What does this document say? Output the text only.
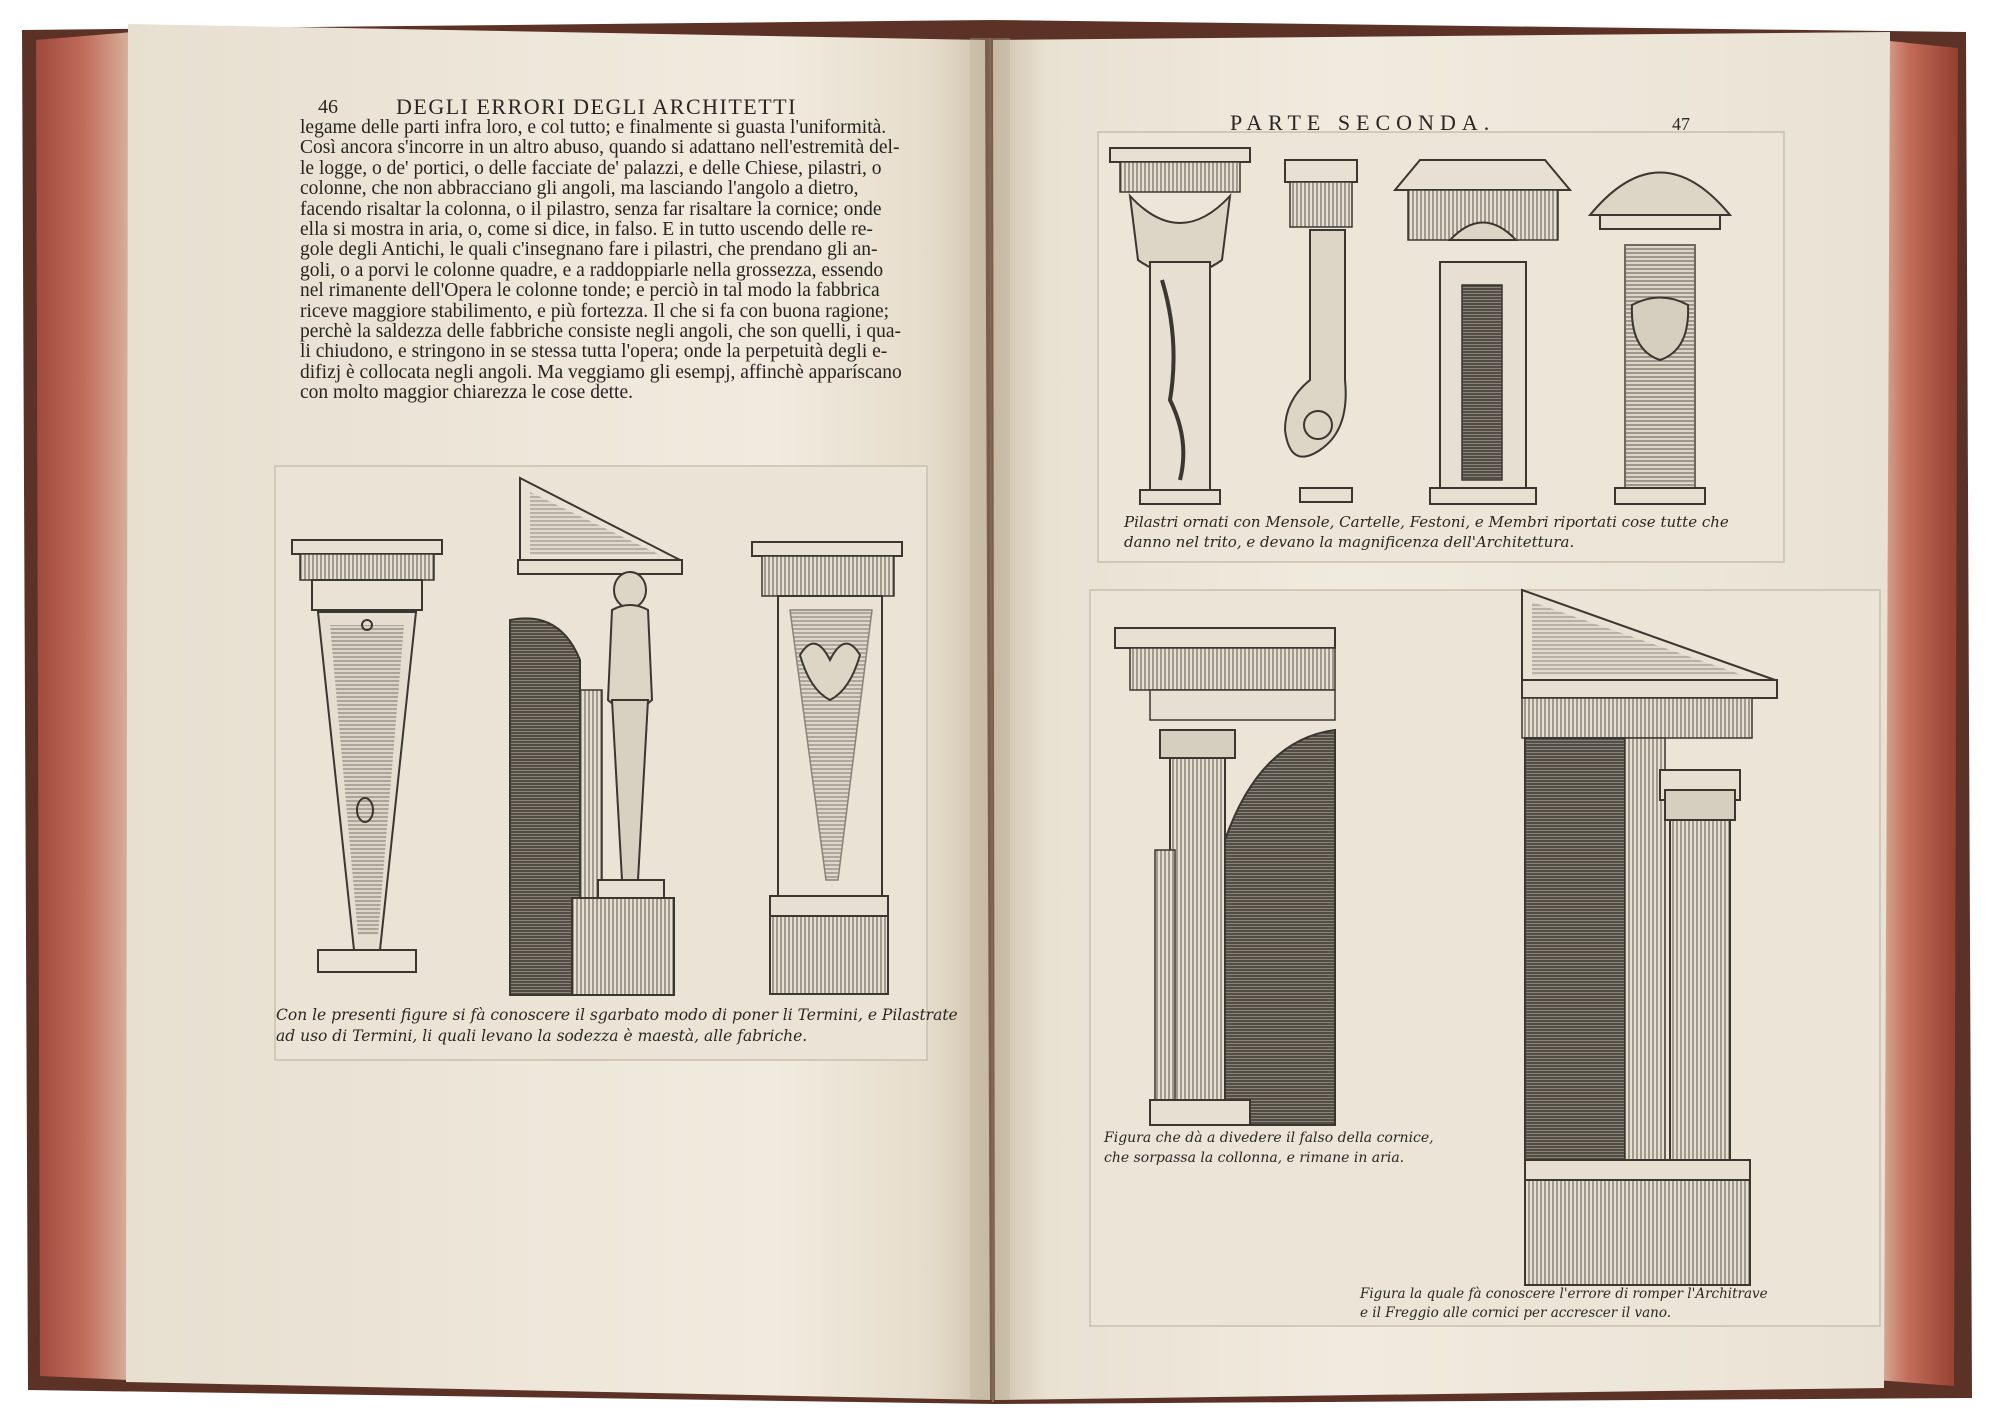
46	DEGLI ERRORI DEGLI ARCHITETTI
legame delle parti infra loro, e col tutto; e finalmente si guasta l'uniformità.
Così ancora s'incorre in un altro abuso, quando si adattano nell'estremità del-
le logge, o de' portici, o delle facciate de' palazzi, e delle Chiese, pilastri, o
colonne, che non abbracciano gli angoli, ma lasciando l'angolo a dietro,
facendo risaltar la colonna, o il pilastro, senza far risaltare la cornice; onde
ella si mostra in aria, o, come si dice, in falso. E in tutto uscendo delle re-
gole degli Antichi, le quali c'insegnano fare i pilastri, che prendano gli an-
goli, o a porvi le colonne quadre, e a raddoppiarle nella grossezza, essendo
nel rimanente dell'Opera le colonne tonde; e perciò in tal modo la fabbrica
riceve maggiore stabilimento, e più fortezza. Il che si fa con buona ragione;
perchè la saldezza delle fabbriche consiste negli angoli, che son quelli, i qua-
li chiudono, e stringono in se stessa tutta l'opera; onde la perpetuità degli e-
difizj è collocata negli angoli. Ma veggiamo gli esempj, affinchè apparíscano
con molto maggior chiarezza le cose dette.
Con le presenti figure si fà conoscere il sgarbato modo di poner li Termini, e Pilastrate
ad uso di Termini, li quali levano la sodezza è maestà, alle fabriche.
PARTE SECONDA.	47
Pilastri ornati con Mensole, Cartelle, Festoni, e Membri riportati cose tutte che
danno nel trito, e devano la magnificenza dell'Architettura.
Figura che dà a divedere il falso della cornice,
che sorpassa la collonna, e rimane in aria.
Figura la quale fà conoscere l'errore di romper l'Architrave
e il Freggio alle cornici per accrescer il vano.
